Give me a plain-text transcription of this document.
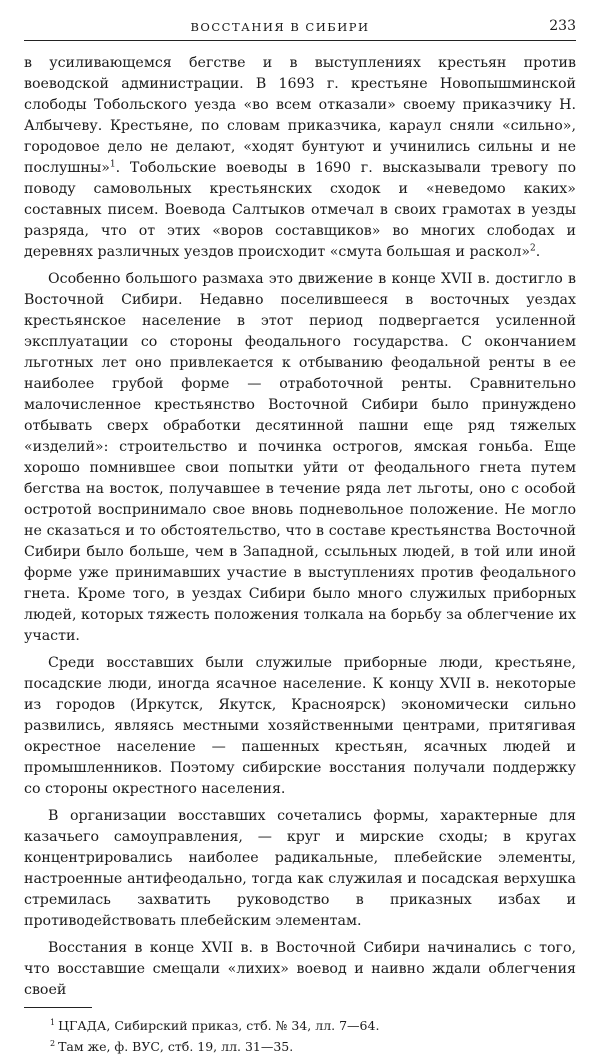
ВОССТАНИЯ В СИБИРИ	233

в усиливающемся бегстве и в выступлениях крестьян против воеводской администрации. В 1693 г. крестьяне Новопышминской слободы Тобольского уезда «во всем отказали» своему приказчику Н. Албычеву. Крестьяне, по словам приказчика, караул сняли «сильно», городовое дело не делают, «ходят бунтуют и учинились сильны и не послушны»$^1$. Тобольские воеводы в 1690 г. высказывали тревогу по поводу самовольных крестьянских сходок и «неведомо каких» составных писем. Воевода Салтыков отмечал в своих грамотах в уезды разряда, что от этих «воров составщиков» во многих слободах и деревнях различных уездов происходит «смута большая и раскол»$^2$.

Особенно большого размаха это движение в конце XVII в. достигло в Восточной Сибири. Недавно поселившееся в восточных уездах крестьянское население в этот период подвергается усиленной эксплуатации со стороны феодального государства. С окончанием льготных лет оно привлекается к отбыванию феодальной ренты в ее наиболее грубой форме — отработочной ренты. Сравнительно малочисленное крестьянство Восточной Сибири было принуждено отбывать сверх обработки десятинной пашни еще ряд тяжелых «изделий»: строительство и починка острогов, ямская гоньба. Еще хорошо помнившее свои попытки уйти от феодального гнета путем бегства на восток, получавшее в течение ряда лет льготы, оно с особой остротой воспринимало свое вновь подневольное положение. Не могло не сказаться и то обстоятельство, что в составе крестьянства Восточной Сибири было больше, чем в Западной, ссыльных людей, в той или иной форме уже принимавших участие в выступлениях против феодального гнета. Кроме того, в уездах Сибири было много служилых приборных людей, которых тяжесть положения толкала на борьбу за облегчение их участи.

Среди восставших были служилые приборные люди, крестьяне, посадские люди, иногда ясачное население. К концу XVII в. некоторые из городов (Иркутск, Якутск, Красноярск) экономически сильно развились, являясь местными хозяйственными центрами, притягивая окрестное население — пашенных крестьян, ясачных людей и промышленников. Поэтому сибирские восстания получали поддержку со стороны окрестного населения.

В организации восставших сочетались формы, характерные для казачьего самоуправления, — круг и мирские сходы; в кругах концентрировались наиболее радикальные, плебейские элементы, настроенные антифеодально, тогда как служилая и посадская верхушка стремилась захватить руководство в приказных избах и противодействовать плебейским элементам.

Восстания в конце XVII в. в Восточной Сибири начинались с того, что восставшие смещали «лихих» воевод и наивно ждали облегчения своей

$^1$ ЦГАДА, Сибирский приказ, стб. № 34, лл. 7—64.
$^2$ Там же, ф. ВУС, стб. 19, лл. 31—35.
